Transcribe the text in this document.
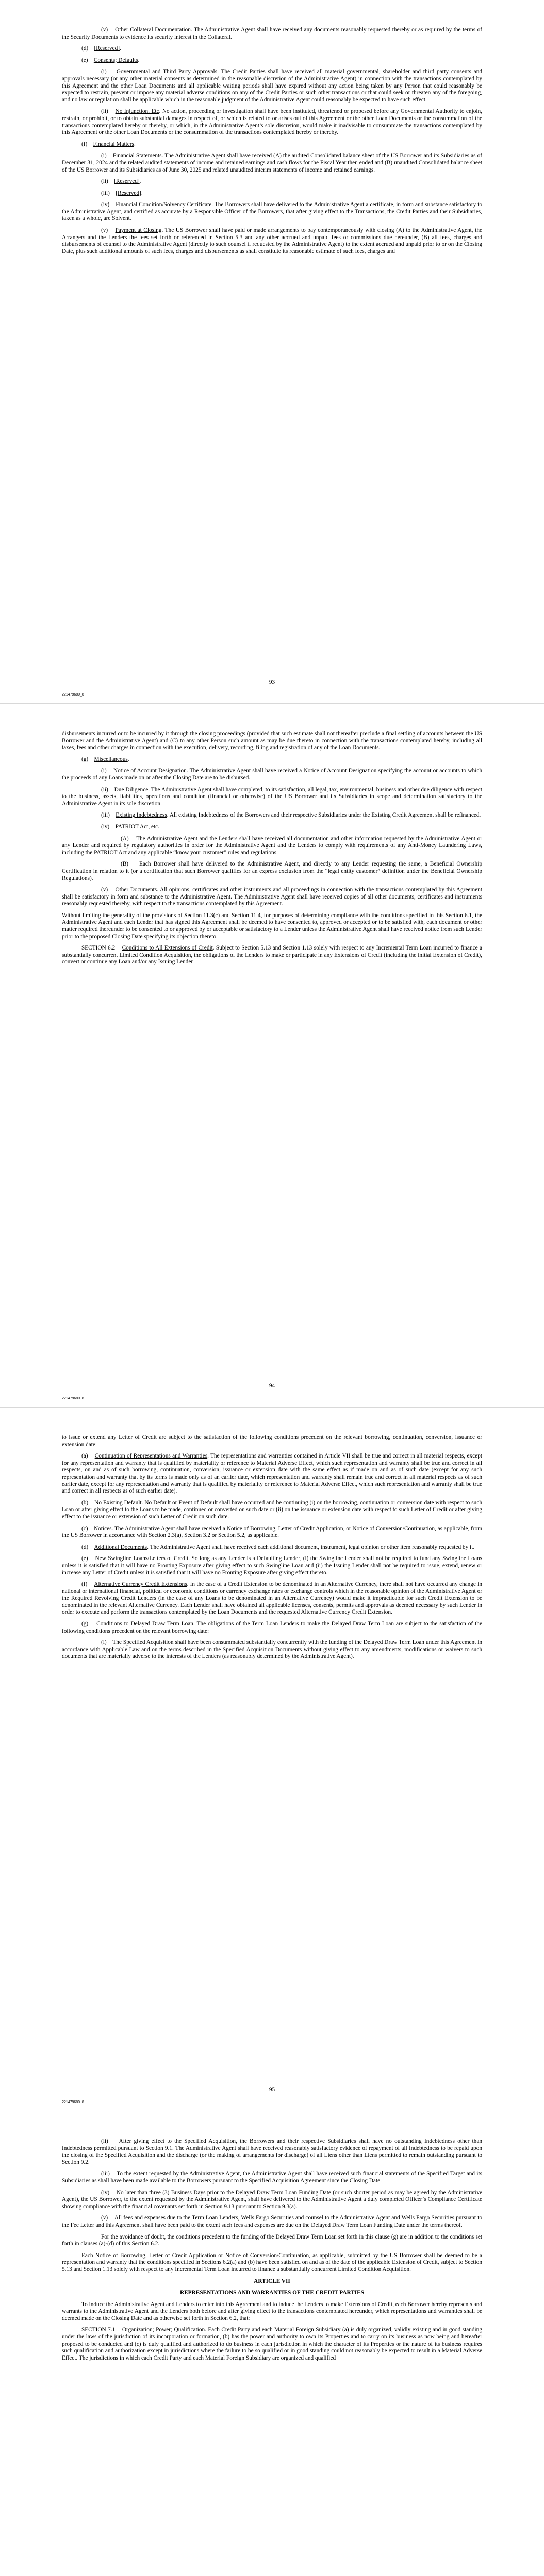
(v)    Other Collateral Documentation. The Administrative Agent shall have received any documents reasonably requested thereby or as required by the terms of the Security Documents to evidence its security interest in the Collateral.

(d)    [Reserved].

(e)    Consents; Defaults.

(i)    Governmental and Third Party Approvals. The Credit Parties shall have received all material governmental, shareholder and third party consents and approvals necessary (or any other material consents as determined in the reasonable discretion of the Administrative Agent) in connection with the transactions contemplated by this Agreement and the other Loan Documents and all applicable waiting periods shall have expired without any action being taken by any Person that could reasonably be expected to restrain, prevent or impose any material adverse conditions on any of the Credit Parties or such other transactions or that could seek or threaten any of the foregoing, and no law or regulation shall be applicable which in the reasonable judgment of the Administrative Agent could reasonably be expected to have such effect.

(ii)    No Injunction, Etc. No action, proceeding or investigation shall have been instituted, threatened or proposed before any Governmental Authority to enjoin, restrain, or prohibit, or to obtain substantial damages in respect of, or which is related to or arises out of this Agreement or the other Loan Documents or the consummation of the transactions contemplated hereby or thereby, or which, in the Administrative Agent’s sole discretion, would make it inadvisable to consummate the transactions contemplated by this Agreement or the other Loan Documents or the consummation of the transactions contemplated hereby or thereby.

(f)    Financial Matters.

(i)    Financial Statements. The Administrative Agent shall have received (A) the audited Consolidated balance sheet of the US Borrower and its Subsidiaries as of December 31, 2024 and the related audited statements of income and retained earnings and cash flows for the Fiscal Year then ended and (B) unaudited Consolidated balance sheet of the US Borrower and its Subsidiaries as of June 30, 2025 and related unaudited interim statements of income and retained earnings.

(ii)    [Reserved].

(iii)    [Reserved].

(iv)    Financial Condition/Solvency Certificate. The Borrowers shall have delivered to the Administrative Agent a certificate, in form and substance satisfactory to the Administrative Agent, and certified as accurate by a Responsible Officer of the Borrowers, that after giving effect to the Transactions, the Credit Parties and their Subsidiaries, taken as a whole, are Solvent.

(v)    Payment at Closing. The US Borrower shall have paid or made arrangements to pay contemporaneously with closing (A) to the Administrative Agent, the Arrangers and the Lenders the fees set forth or referenced in Section 5.3 and any other accrued and unpaid fees or commissions due hereunder, (B) all fees, charges and disbursements of counsel to the Administrative Agent (directly to such counsel if requested by the Administrative Agent) to the extent accrued and unpaid prior to or on the Closing Date, plus such additional amounts of such fees, charges and disbursements as shall constitute its reasonable estimate of such fees, charges and

93
221479680_8

disbursements incurred or to be incurred by it through the closing proceedings (provided that such estimate shall not thereafter preclude a final settling of accounts between the US Borrower and the Administrative Agent) and (C) to any other Person such amount as may be due thereto in connection with the transactions contemplated hereby, including all taxes, fees and other charges in connection with the execution, delivery, recording, filing and registration of any of the Loan Documents.

(g)    Miscellaneous.

(i)    Notice of Account Designation. The Administrative Agent shall have received a Notice of Account Designation specifying the account or accounts to which the proceeds of any Loans made on or after the Closing Date are to be disbursed.

(ii)    Due Diligence. The Administrative Agent shall have completed, to its satisfaction, all legal, tax, environmental, business and other due diligence with respect to the business, assets, liabilities, operations and condition (financial or otherwise) of the US Borrower and its Subsidiaries in scope and determination satisfactory to the Administrative Agent in its sole discretion.

(iii)    Existing Indebtedness. All existing Indebtedness of the Borrowers and their respective Subsidiaries under the Existing Credit Agreement shall be refinanced.

(iv)    PATRIOT Act, etc.

(A)    The Administrative Agent and the Lenders shall have received all documentation and other information requested by the Administrative Agent or any Lender and required by regulatory authorities in order for the Administrative Agent and the Lenders to comply with requirements of any Anti-Money Laundering Laws, including the PATRIOT Act and any applicable “know your customer” rules and regulations.

(B)    Each Borrower shall have delivered to the Administrative Agent, and directly to any Lender requesting the same, a Beneficial Ownership Certification in relation to it (or a certification that such Borrower qualifies for an express exclusion from the “legal entity customer” definition under the Beneficial Ownership Regulations).

(v)    Other Documents. All opinions, certificates and other instruments and all proceedings in connection with the transactions contemplated by this Agreement shall be satisfactory in form and substance to the Administrative Agent. The Administrative Agent shall have received copies of all other documents, certificates and instruments reasonably requested thereby, with respect to the transactions contemplated by this Agreement.

Without limiting the generality of the provisions of Section 11.3(c) and Section 11.4, for purposes of determining compliance with the conditions specified in this Section 6.1, the Administrative Agent and each Lender that has signed this Agreement shall be deemed to have consented to, approved or accepted or to be satisfied with, each document or other matter required thereunder to be consented to or approved by or acceptable or satisfactory to a Lender unless the Administrative Agent shall have received notice from such Lender prior to the proposed Closing Date specifying its objection thereto.

SECTION 6.2    Conditions to All Extensions of Credit. Subject to Section 5.13 and Section 1.13 solely with respect to any Incremental Term Loan incurred to finance a substantially concurrent Limited Condition Acquisition, the obligations of the Lenders to make or participate in any Extensions of Credit (including the initial Extension of Credit), convert or continue any Loan and/or any Issuing Lender

94
221479680_8

to issue or extend any Letter of Credit are subject to the satisfaction of the following conditions precedent on the relevant borrowing, continuation, conversion, issuance or extension date:

(a)    Continuation of Representations and Warranties. The representations and warranties contained in Article VII shall be true and correct in all material respects, except for any representation and warranty that is qualified by materiality or reference to Material Adverse Effect, which such representation and warranty shall be true and correct in all respects, on and as of such borrowing, continuation, conversion, issuance or extension date with the same effect as if made on and as of such date (except for any such representation and warranty that by its terms is made only as of an earlier date, which representation and warranty shall remain true and correct in all material respects as of such earlier date, except for any representation and warranty that is qualified by materiality or reference to Material Adverse Effect, which such representation and warranty shall be true and correct in all respects as of such earlier date).

(b)    No Existing Default. No Default or Event of Default shall have occurred and be continuing (i) on the borrowing, continuation or conversion date with respect to such Loan or after giving effect to the Loans to be made, continued or converted on such date or (ii) on the issuance or extension date with respect to such Letter of Credit or after giving effect to the issuance or extension of such Letter of Credit on such date.

(c)    Notices. The Administrative Agent shall have received a Notice of Borrowing, Letter of Credit Application, or Notice of Conversion/Continuation, as applicable, from the US Borrower in accordance with Section 2.3(a), Section 3.2 or Section 5.2, as applicable.

(d)    Additional Documents. The Administrative Agent shall have received each additional document, instrument, legal opinion or other item reasonably requested by it.

(e)    New Swingline Loans/Letters of Credit. So long as any Lender is a Defaulting Lender, (i) the Swingline Lender shall not be required to fund any Swingline Loans unless it is satisfied that it will have no Fronting Exposure after giving effect to such Swingline Loan and (ii) the Issuing Lender shall not be required to issue, extend, renew or increase any Letter of Credit unless it is satisfied that it will have no Fronting Exposure after giving effect thereto.

(f)    Alternative Currency Credit Extensions. In the case of a Credit Extension to be denominated in an Alternative Currency, there shall not have occurred any change in national or international financial, political or economic conditions or currency exchange rates or exchange controls which in the reasonable opinion of the Administrative Agent or the Required Revolving Credit Lenders (in the case of any Loans to be denominated in an Alternative Currency) would make it impracticable for such Credit Extension to be denominated in the relevant Alternative Currency. Each Lender shall have obtained all applicable licenses, consents, permits and approvals as deemed necessary by such Lender in order to execute and perform the transactions contemplated by the Loan Documents and the requested Alternative Currency Credit Extension.

(g)    Conditions to Delayed Draw Term Loan. The obligations of the Term Loan Lenders to make the Delayed Draw Term Loan are subject to the satisfaction of the following conditions precedent on the relevant borrowing date:

(i)    The Specified Acquisition shall have been consummated substantially concurrently with the funding of the Delayed Draw Term Loan under this Agreement in accordance with Applicable Law and on the terms described in the Specified Acquisition Documents without giving effect to any amendments, modifications or waivers to such documents that are materially adverse to the interests of the Lenders (as reasonably determined by the Administrative Agent).

95
221479680_8

(ii)    After giving effect to the Specified Acquisition, the Borrowers and their respective Subsidiaries shall have no outstanding Indebtedness other than Indebtedness permitted pursuant to Section 9.1. The Administrative Agent shall have received reasonably satisfactory evidence of repayment of all Indebtedness to be repaid upon the closing of the Specified Acquisition and the discharge (or the making of arrangements for discharge) of all Liens other than Liens permitted to remain outstanding pursuant to Section 9.2.

(iii)    To the extent requested by the Administrative Agent, the Administrative Agent shall have received such financial statements of the Specified Target and its Subsidiaries as shall have been made available to the Borrowers pursuant to the Specified Acquisition Agreement since the Closing Date.

(iv)    No later than three (3) Business Days prior to the Delayed Draw Term Loan Funding Date (or such shorter period as may be agreed by the Administrative Agent), the US Borrower, to the extent requested by the Administrative Agent, shall have delivered to the Administrative Agent a duly completed Officer’s Compliance Certificate showing compliance with the financial covenants set forth in Section 9.13 pursuant to Section 9.3(a).

(v)    All fees and expenses due to the Term Loan Lenders, Wells Fargo Securities and counsel to the Administrative Agent and Wells Fargo Securities pursuant to the Fee Letter and this Agreement shall have been paid to the extent such fees and expenses are due on the Delayed Draw Term Loan Funding Date under the terms thereof.

For the avoidance of doubt, the conditions precedent to the funding of the Delayed Draw Term Loan set forth in this clause (g) are in addition to the conditions set forth in clauses (a)-(d) of this Section 6.2.

Each Notice of Borrowing, Letter of Credit Application or Notice of Conversion/Continuation, as applicable, submitted by the US Borrower shall be deemed to be a representation and warranty that the conditions specified in Sections 6.2(a) and (b) have been satisfied on and as of the date of the applicable Extension of Credit, subject to Section 5.13 and Section 1.13 solely with respect to any Incremental Term Loan incurred to finance a substantially concurrent Limited Condition Acquisition.

ARTICLE VII

REPRESENTATIONS AND WARRANTIES OF THE CREDIT PARTIES

To induce the Administrative Agent and Lenders to enter into this Agreement and to induce the Lenders to make Extensions of Credit, each Borrower hereby represents and warrants to the Administrative Agent and the Lenders both before and after giving effect to the transactions contemplated hereunder, which representations and warranties shall be deemed made on the Closing Date and as otherwise set forth in Section 6.2, that:

SECTION 7.1    Organization; Power; Qualification. Each Credit Party and each Material Foreign Subsidiary (a) is duly organized, validly existing and in good standing under the laws of the jurisdiction of its incorporation or formation, (b) has the power and authority to own its Properties and to carry on its business as now being and hereafter proposed to be conducted and (c) is duly qualified and authorized to do business in each jurisdiction in which the character of its Properties or the nature of its business requires such qualification and authorization except in jurisdictions where the failure to be so qualified or in good standing could not reasonably be expected to result in a Material Adverse Effect. The jurisdictions in which each Credit Party and each Material Foreign Subsidiary are organized and qualified
